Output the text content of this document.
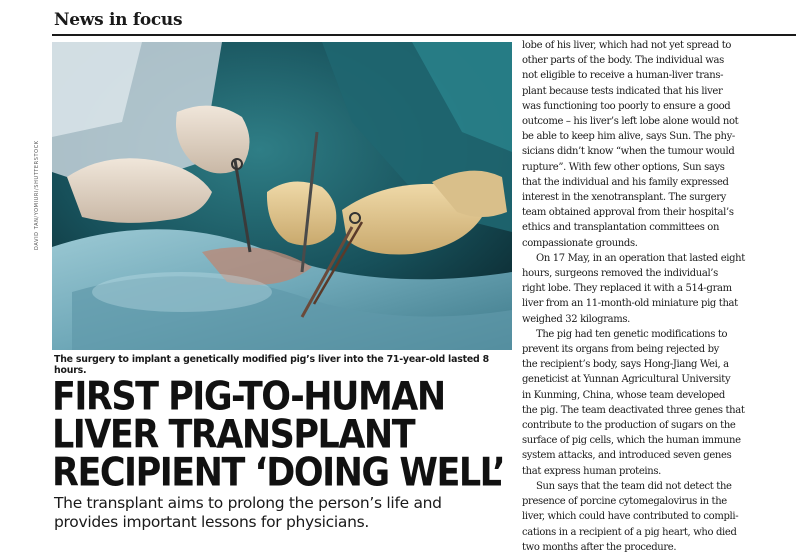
News in focus
DAVID TAN/YOMIURI/SHUTTERSTOCK
The surgery to implant a genetically modified pig’s liver into the 71-year-old lasted 8 hours.
FIRST PIG-TO-HUMAN
LIVER TRANSPLANT
RECIPIENT ‘DOING WELL’
The transplant aims to prolong the person’s life and
provides important lessons for physicians.

lobe of his liver, which had not yet spread to
other parts of the body. The individual was
not eligible to receive a human-liver trans-
plant because tests indicated that his liver
was functioning too poorly to ensure a good
outcome – his liver’s left lobe alone would not
be able to keep him alive, says Sun. The phy-
sicians didn’t know “when the tumour would
rupture”. With few other options, Sun says
that the individual and his family expressed
interest in the xenotransplant. The surgery
team obtained approval from their hospital’s
ethics and transplantation committees on
compassionate grounds.

On 17 May, in an operation that lasted eight
hours, surgeons removed the individual’s
right lobe. They replaced it with a 514-gram
liver from an 11-month-old miniature pig that
weighed 32 kilograms.

The pig had ten genetic modifications to
prevent its organs from being rejected by
the recipient’s body, says Hong-Jiang Wei, a
geneticist at Yunnan Agricultural University
in Kunming, China, whose team developed
the pig. The team deactivated three genes that
contribute to the production of sugars on the
surface of pig cells, which the human immune
system attacks, and introduced seven genes
that express human proteins.

Sun says that the team did not detect the
presence of porcine cytomegalovirus in the
liver, which could have contributed to compli-
cations in a recipient of a pig heart, who died
two months after the procedure.
